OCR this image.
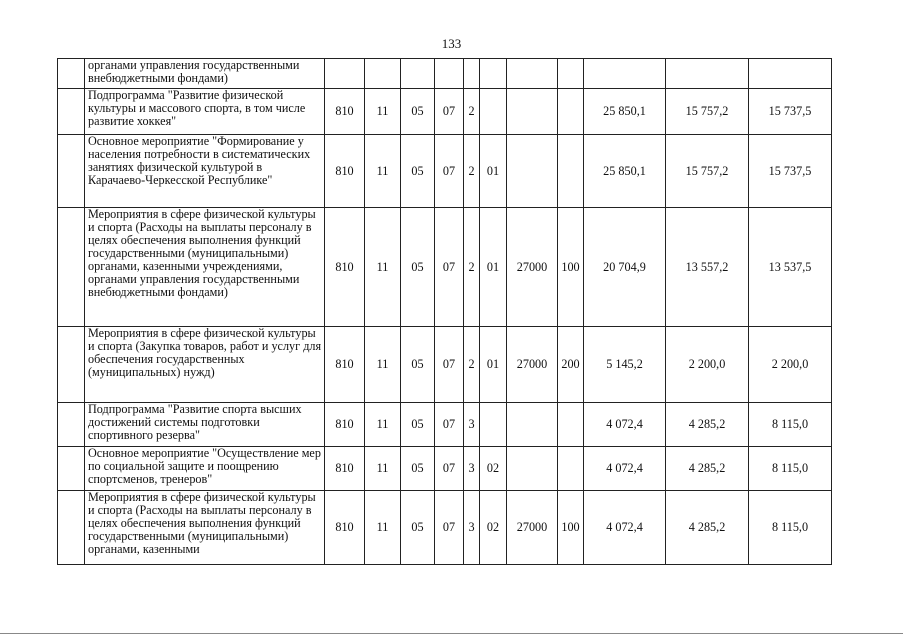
133
	органами управления государственными внебюджетными фондами)											
	Подпрограмма "Развитие физической культуры и массового спорта, в том числе развитие хоккея"	810	11	05	07	2				25 850,1	15 757,2	15 737,5
	Основное мероприятие "Формирование у населения потребности в систематических занятиях физической культурой в Карачаево-Черкесской Республике"	810	11	05	07	2	01			25 850,1	15 757,2	15 737,5
	Мероприятия в сфере физической культуры и спорта (Расходы на выплаты персоналу в целях обеспечения выполнения функций государственными (муниципальными) органами, казенными учреждениями, органами управления государственными внебюджетными фондами)	810	11	05	07	2	01	27000	100	20 704,9	13 557,2	13 537,5
	Мероприятия в сфере физической культуры и спорта (Закупка товаров, работ и услуг для обеспечения государственных (муниципальных) нужд)	810	11	05	07	2	01	27000	200	5 145,2	2 200,0	2 200,0
	Подпрограмма "Развитие спорта высших достижений системы подготовки спортивного резерва"	810	11	05	07	3				4 072,4	4 285,2	8 115,0
	Основное мероприятие "Осуществление мер по социальной защите и поощрению спортсменов, тренеров"	810	11	05	07	3	02			4 072,4	4 285,2	8 115,0
	Мероприятия в сфере физической культуры и спорта (Расходы на выплаты персоналу в целях обеспечения выполнения функций государственными (муниципальными) органами, казенными	810	11	05	07	3	02	27000	100	4 072,4	4 285,2	8 115,0
